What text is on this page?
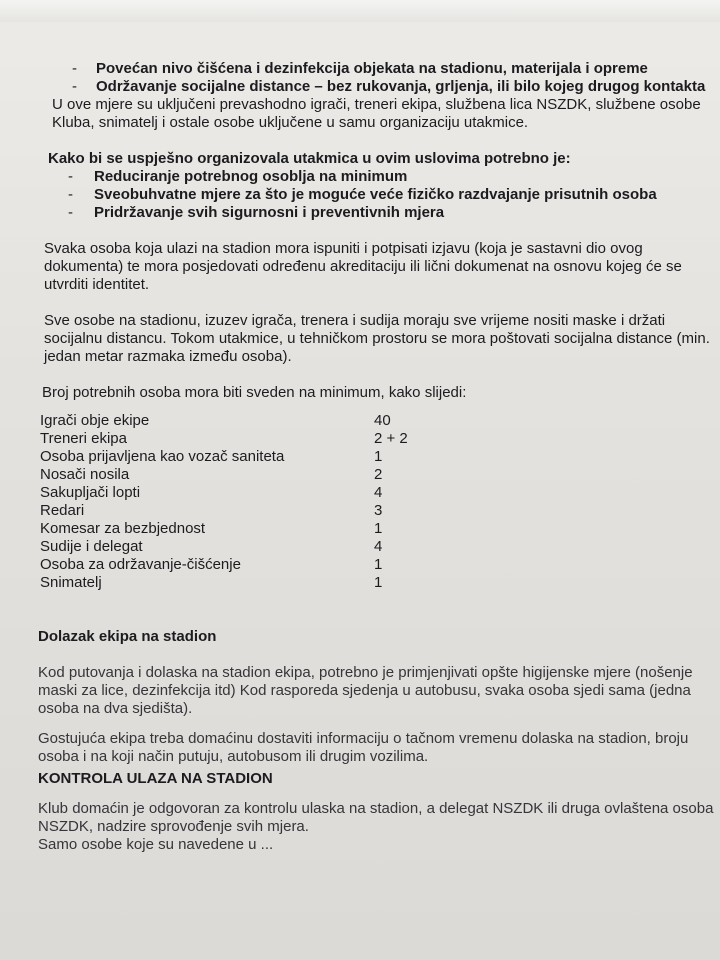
- Povećan nivo čišćena i dezinfekcija objekata na stadionu, materijala i opreme
- Održavanje socijalne distance – bez rukovanja, grljenja, ili bilo kojeg drugog kontakta

U ove mjere su uključeni prevashodno igrači, treneri ekipa, službena lica NSZDK, službene osobe Kluba, snimatelj i ostale osobe uključene u samu organizaciju utakmice.

Kako bi se uspješno organizovala utakmica u ovim uslovima potrebno je:

- Reduciranje potrebnog osoblja na minimum
- Sveobuhvatne mjere za što je moguće veće fizičko razdvajanje prisutnih osoba
- Pridržavanje svih sigurnosni i preventivnih mjera

Svaka osoba koja ulazi na stadion mora ispuniti i potpisati izjavu (koja je sastavni dio ovog dokumenta) te mora posjedovati određenu akreditaciju ili lični dokumenat na osnovu kojeg će se utvrditi identitet.

Sve osobe na stadionu, izuzev igrača, trenera i sudija moraju sve vrijeme nositi maske i držati socijalnu distancu. Tokom utakmice, u tehničkom prostoru se mora poštovati socijalna distance (min. jedan metar razmaka između osoba).

Broj potrebnih osoba mora biti sveden na minimum, kako slijedi:

Igrači obje ekipe	40
Treneri ekipa	2 + 2
Osoba prijavljena kao vozač saniteta	1
Nosači nosila	2
Sakupljači lopti	4
Redari	3
Komesar za bezbjednost	1
Sudije i delegat	4
Osoba za održavanje-čišćenje	1
Snimatelj	1

Dolazak ekipa na stadion

Kod putovanja i dolaska na stadion ekipa, potrebno je primjenjivati opšte higijenske mjere (nošenje maski za lice, dezinfekcija itd) Kod rasporeda sjedenja u autobusu, svaka osoba sjedi sama (jedna osoba na dva sjedišta).

Gostujuća ekipa treba domaćinu dostaviti informaciju o tačnom vremenu dolaska na stadion, broju osoba i na koji način putuju, autobusom ili drugim vozilima.

KONTROLA ULAZA NA STADION

Klub domaćin je odgovoran za kontrolu ulaska na stadion, a delegat NSZDK ili druga ovlaštena osoba NSZDK, nadzire sprovođenje svih mjera.

Samo osobe koje su navedene u ...
